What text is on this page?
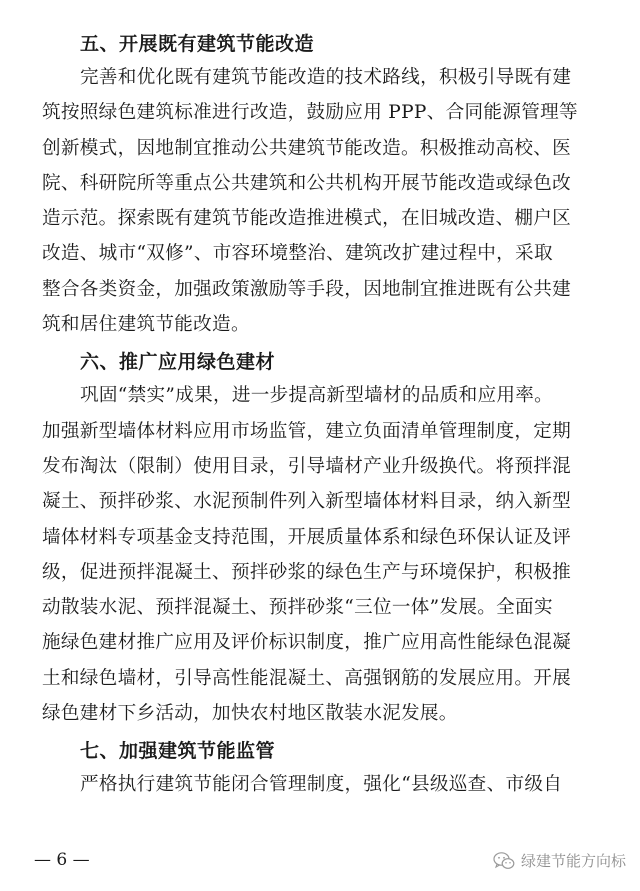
五、开展既有建筑节能改造
完善和优化既有建筑节能改造的技术路线，积极引导既有建
筑按照绿色建筑标准进行改造，鼓励应用 PPP、合同能源管理等
创新模式，因地制宜推动公共建筑节能改造。积极推动高校、医
院、科研院所等重点公共建筑和公共机构开展节能改造或绿色改
造示范。探索既有建筑节能改造推进模式，在旧城改造、棚户区
改造、城市“双修”、市容环境整治、建筑改扩建过程中，采取
整合各类资金，加强政策激励等手段，因地制宜推进既有公共建
筑和居住建筑节能改造。
六、推广应用绿色建材
巩固“禁实”成果，进一步提高新型墙材的品质和应用率。
加强新型墙体材料应用市场监管，建立负面清单管理制度，定期
发布淘汰（限制）使用目录，引导墙材产业升级换代。将预拌混
凝土、预拌砂浆、水泥预制件列入新型墙体材料目录，纳入新型
墙体材料专项基金支持范围，开展质量体系和绿色环保认证及评
级，促进预拌混凝土、预拌砂浆的绿色生产与环境保护，积极推
动散装水泥、预拌混凝土、预拌砂浆“三位一体”发展。全面实
施绿色建材推广应用及评价标识制度，推广应用高性能绿色混凝
土和绿色墙材，引导高性能混凝土、高强钢筋的发展应用。开展
绿色建材下乡活动，加快农村地区散装水泥发展。
七、加强建筑节能监管
严格执行建筑节能闭合管理制度，强化“县级巡查、市级自
— 6 —	绿建节能方向标
